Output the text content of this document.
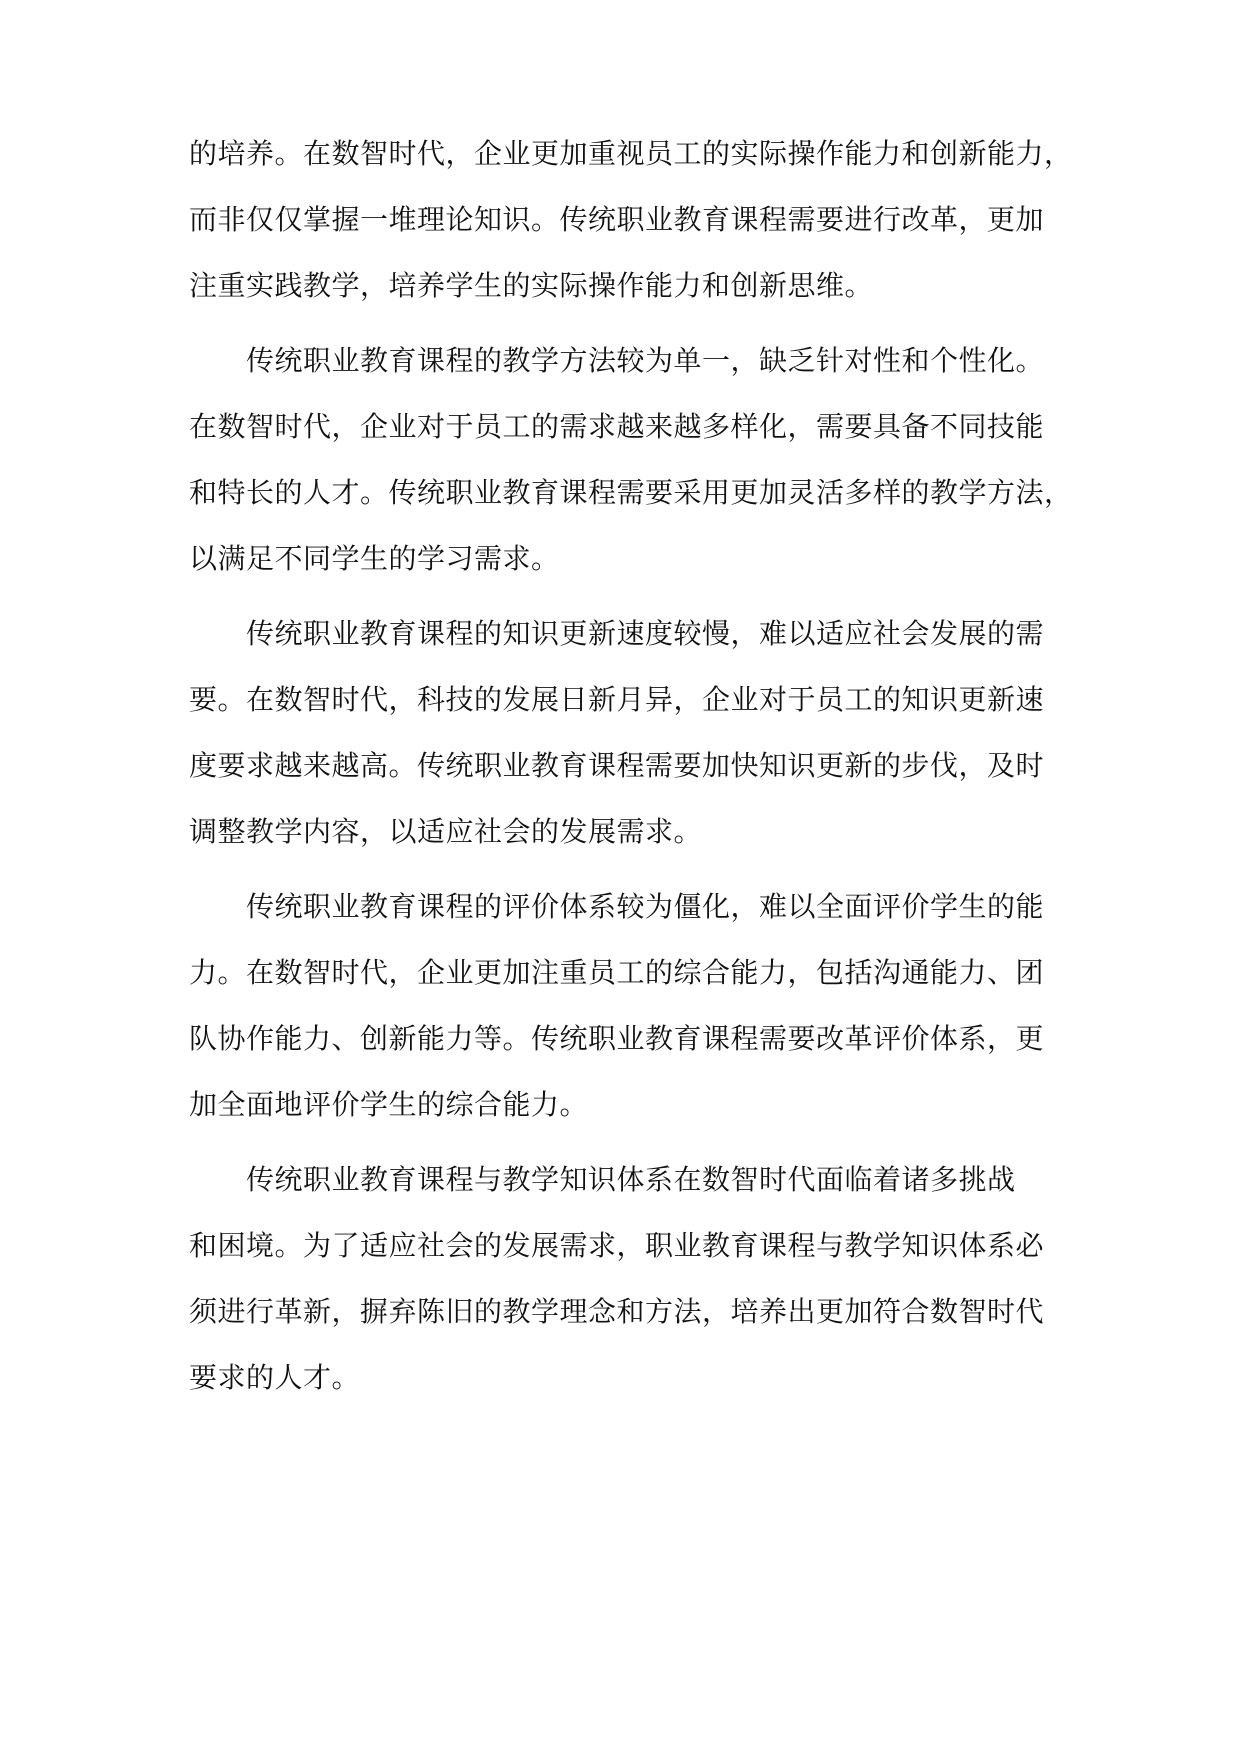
的培养。在数智时代，企业更加重视员工的实际操作能力和创新能力，
而非仅仅掌握一堆理论知识。传统职业教育课程需要进行改革，更加
注重实践教学，培养学生的实际操作能力和创新思维。
传统职业教育课程的教学方法较为单一，缺乏针对性和个性化。
在数智时代，企业对于员工的需求越来越多样化，需要具备不同技能
和特长的人才。传统职业教育课程需要采用更加灵活多样的教学方法，
以满足不同学生的学习需求。
传统职业教育课程的知识更新速度较慢，难以适应社会发展的需
要。在数智时代，科技的发展日新月异，企业对于员工的知识更新速
度要求越来越高。传统职业教育课程需要加快知识更新的步伐，及时
调整教学内容，以适应社会的发展需求。
传统职业教育课程的评价体系较为僵化，难以全面评价学生的能
力。在数智时代，企业更加注重员工的综合能力，包括沟通能力、团
队协作能力、创新能力等。传统职业教育课程需要改革评价体系，更
加全面地评价学生的综合能力。
传统职业教育课程与教学知识体系在数智时代面临着诸多挑战
和困境。为了适应社会的发展需求，职业教育课程与教学知识体系必
须进行革新，摒弃陈旧的教学理念和方法，培养出更加符合数智时代
要求的人才。
